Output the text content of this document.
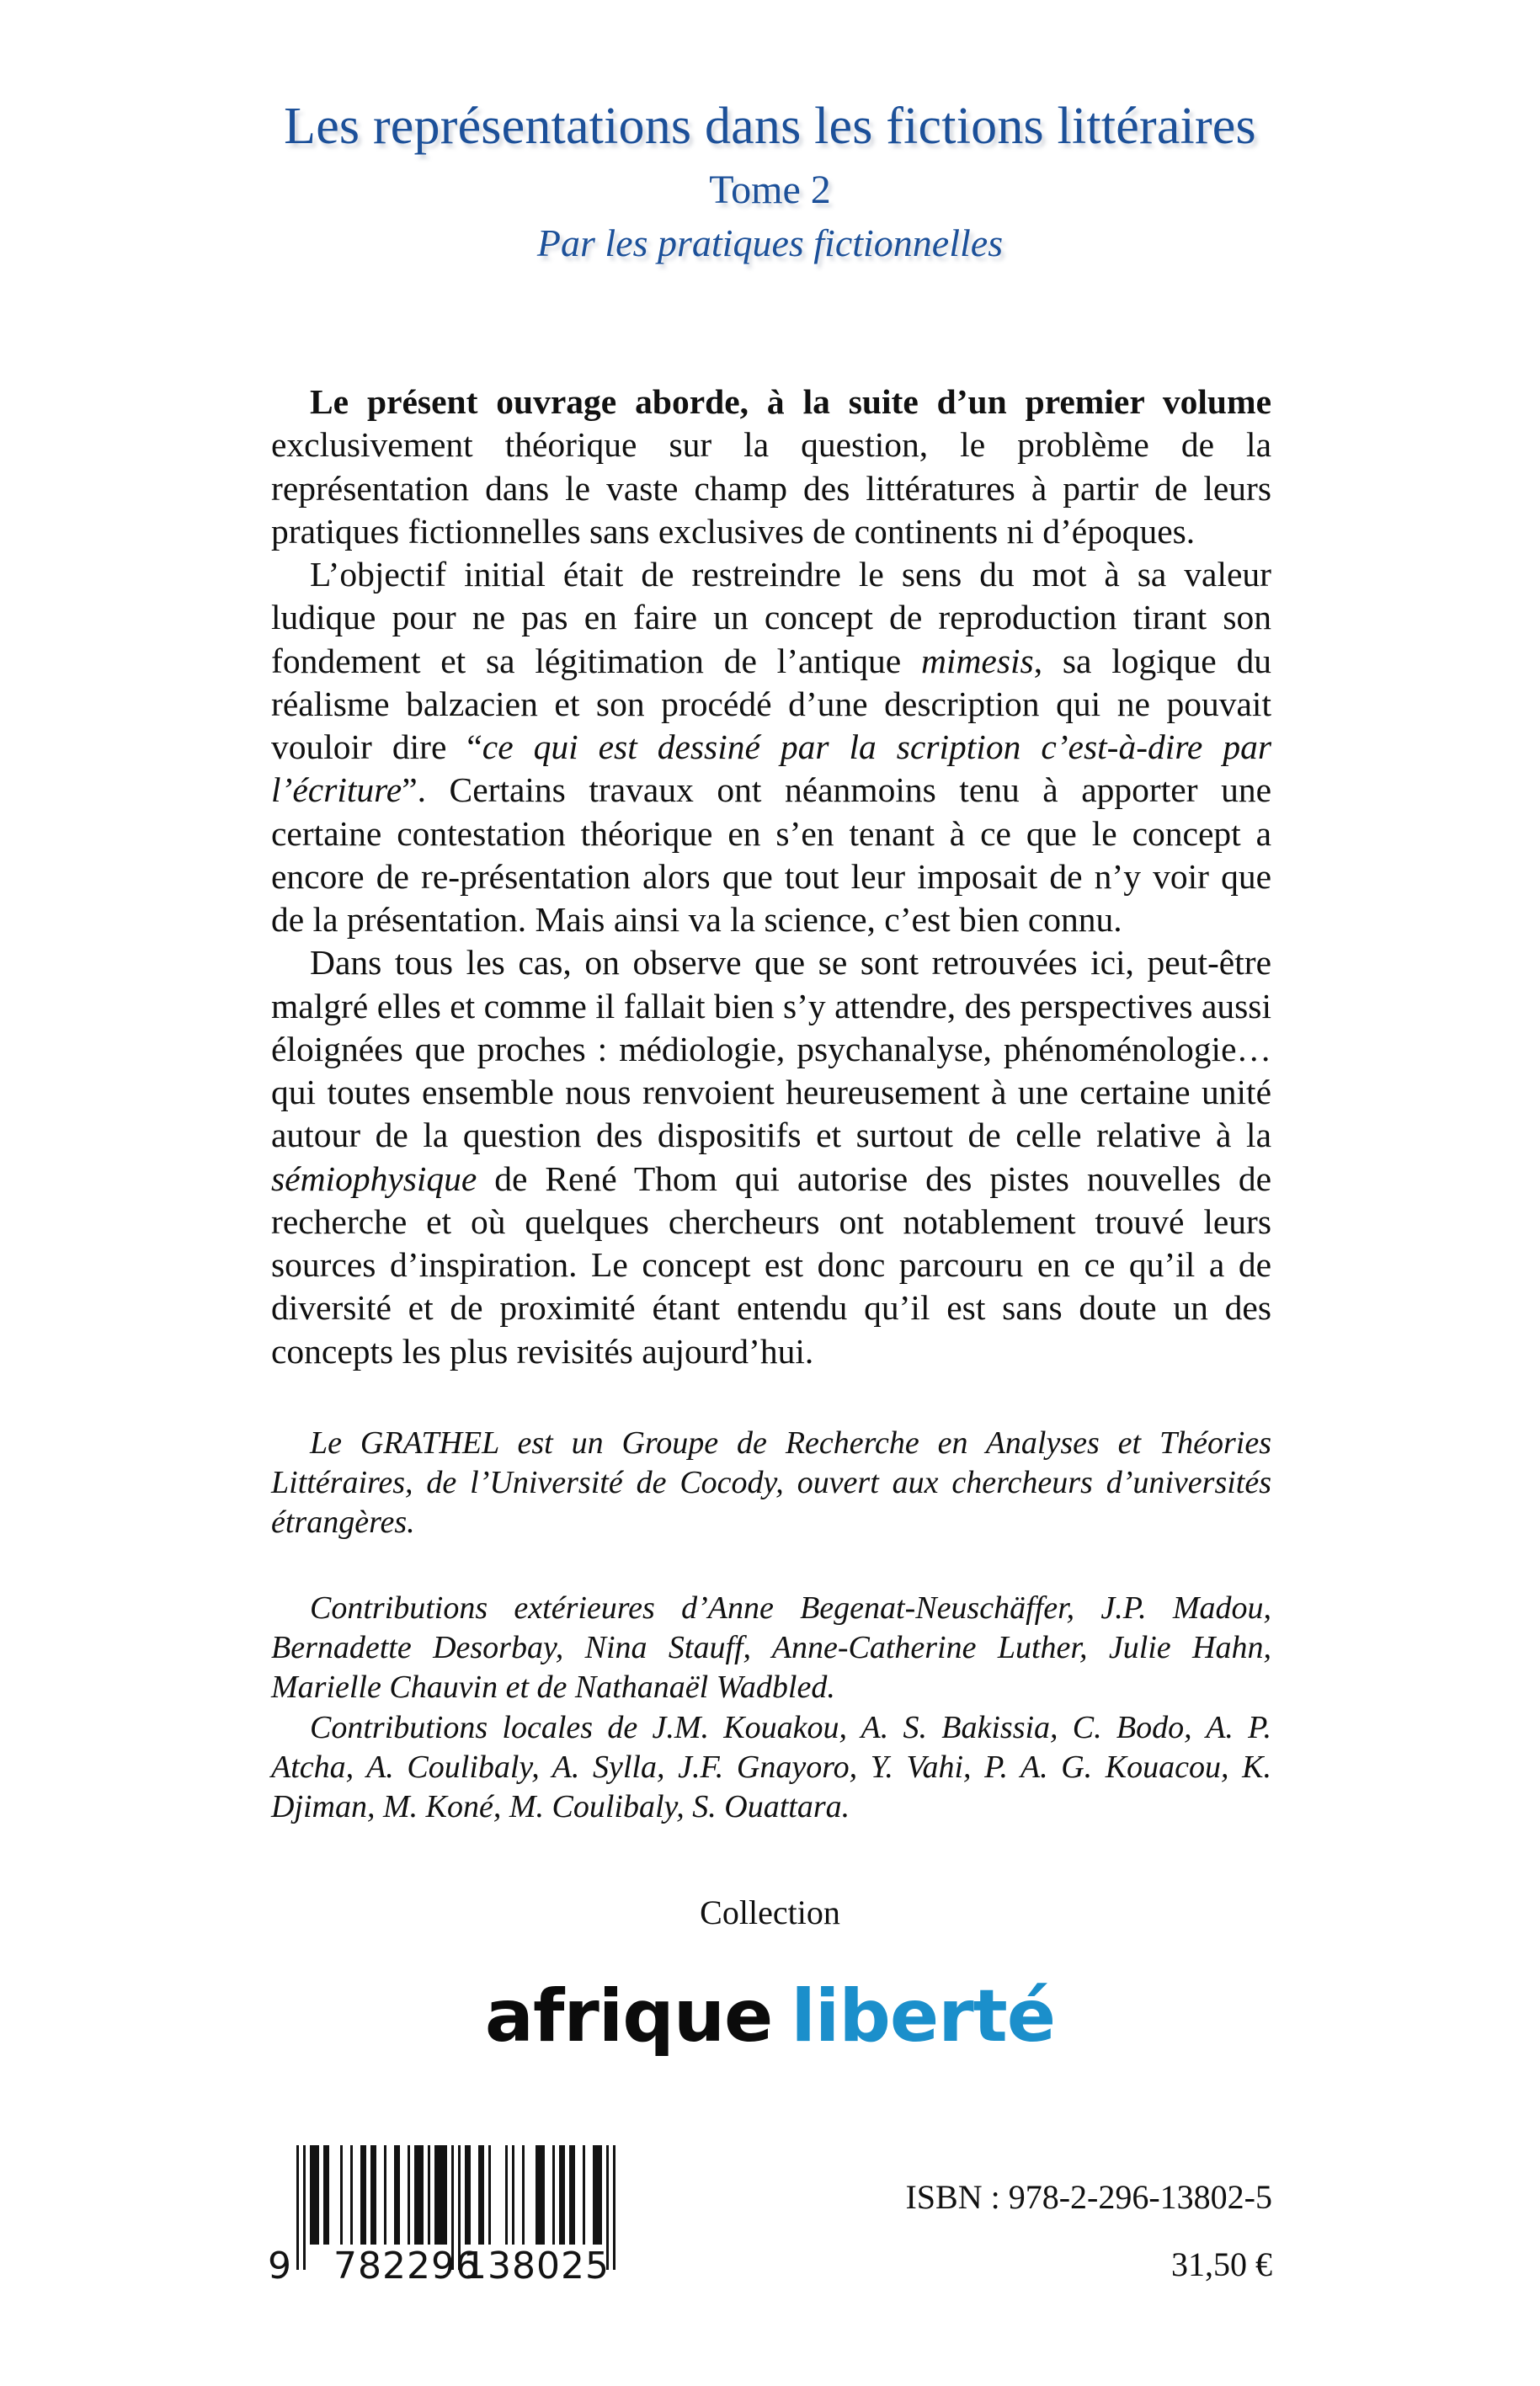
Les représentations dans les fictions littéraires
Tome 2
Par les pratiques fictionnelles

Le présent ouvrage aborde, à la suite d’un premier volume exclusivement théorique sur la question, le problème de la représentation dans le vaste champ des littératures à partir de leurs pratiques fictionnelles sans exclusives de continents ni d’époques.

L’objectif initial était de restreindre le sens du mot à sa valeur ludique pour ne pas en faire un concept de reproduction tirant son fondement et sa légitimation de l’antique mimesis, sa logique du réalisme balzacien et son procédé d’une description qui ne pouvait vouloir dire “ce qui est dessiné par la scription c’est-à-dire par l’écriture”. Certains travaux ont néanmoins tenu à apporter une certaine contestation théorique en s’en tenant à ce que le concept a encore de re-présentation alors que tout leur imposait de n’y voir que de la présentation. Mais ainsi va la science, c’est bien connu.

Dans tous les cas, on observe que se sont retrouvées ici, peut-être malgré elles et comme il fallait bien s’y attendre, des perspectives aussi éloignées que proches : médiologie, psychanalyse, phénoménologie… qui toutes ensemble nous renvoient heureusement à une certaine unité autour de la question des dispositifs et surtout de celle relative à la sémiophysique de René Thom qui autorise des pistes nouvelles de recherche et où quelques chercheurs ont notablement trouvé leurs sources d’inspiration. Le concept est donc parcouru en ce qu’il a de diversité et de proximité étant entendu qu’il est sans doute un des concepts les plus revisités aujourd’hui.

Le GRATHEL est un Groupe de Recherche en Analyses et Théories Littéraires, de l’Université de Cocody, ouvert aux chercheurs d’universités étrangères.

Contributions extérieures d’Anne Begenat-Neuschäffer, J.P. Madou, Bernadette Desorbay, Nina Stauff, Anne-Catherine Luther, Julie Hahn, Marielle Chauvin et de Nathanaël Wadbled.

Contributions locales de J.M. Kouakou, A. S. Bakissia, C. Bodo, A. P. Atcha, A. Coulibaly, A. Sylla, J.F. Gnayoro, Y. Vahi, P. A. G. Kouacou, K. Djiman, M. Koné, M. Coulibaly, S. Ouattara.

Collection
afrique liberté
9 782296
138025
ISBN : 978-2-296-13802-5
31,50 €
